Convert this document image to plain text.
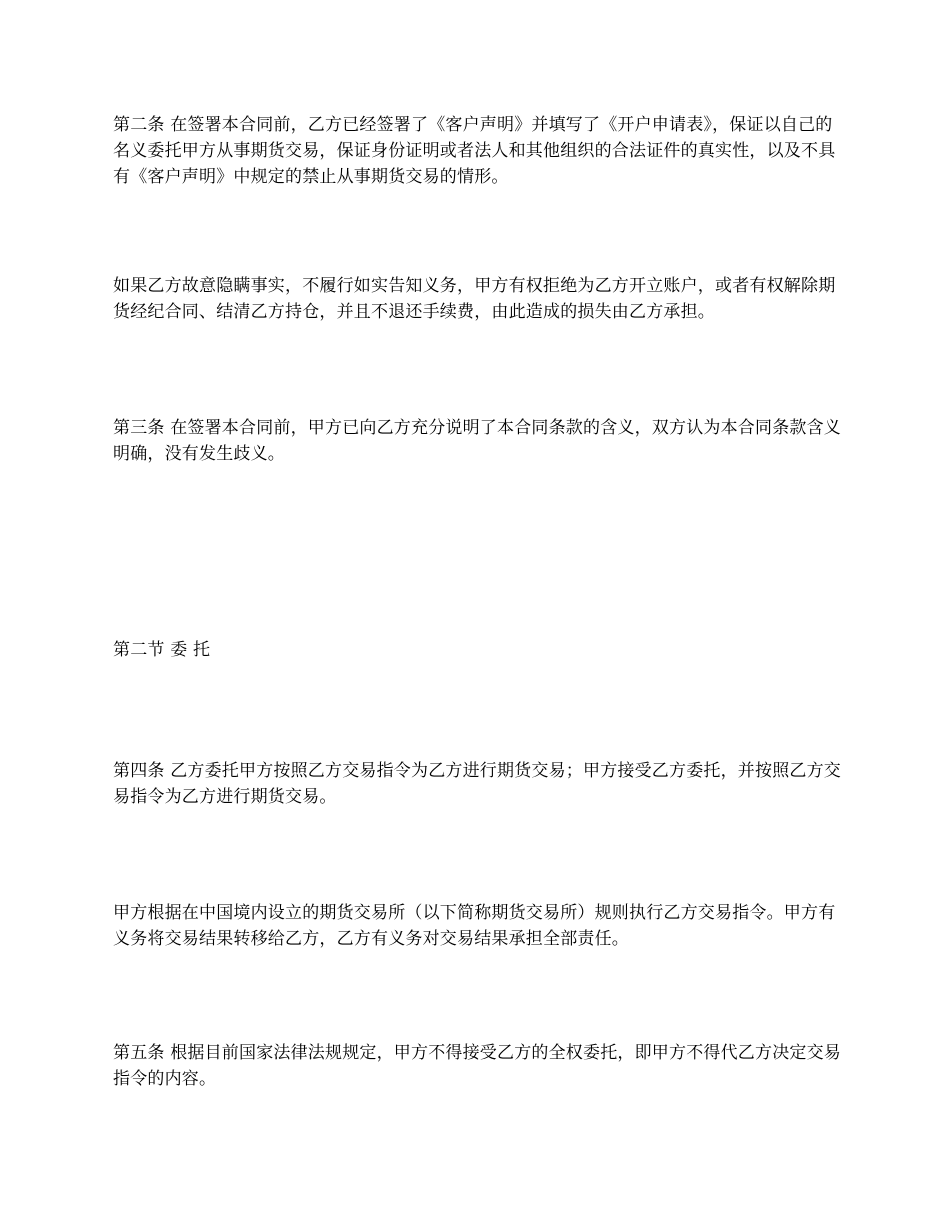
第二条 在签署本合同前，乙方已经签署了《客户声明》并填写了《开户申请表》，保证以自己的名义委托甲方从事期货交易，保证身份证明或者法人和其他组织的合法证件的真实性，以及不具有《客户声明》中规定的禁止从事期货交易的情形。

如果乙方故意隐瞒事实，不履行如实告知义务，甲方有权拒绝为乙方开立账户，或者有权解除期货经纪合同、结清乙方持仓，并且不退还手续费，由此造成的损失由乙方承担。

第三条 在签署本合同前，甲方已向乙方充分说明了本合同条款的含义，双方认为本合同条款含义明确，没有发生歧义。

第二节 委 托

第四条 乙方委托甲方按照乙方交易指令为乙方进行期货交易；甲方接受乙方委托，并按照乙方交易指令为乙方进行期货交易。

甲方根据在中国境内设立的期货交易所（以下简称期货交易所）规则执行乙方交易指令。甲方有义务将交易结果转移给乙方，乙方有义务对交易结果承担全部责任。

第五条 根据目前国家法律法规规定，甲方不得接受乙方的全权委托，即甲方不得代乙方决定交易指令的内容。
